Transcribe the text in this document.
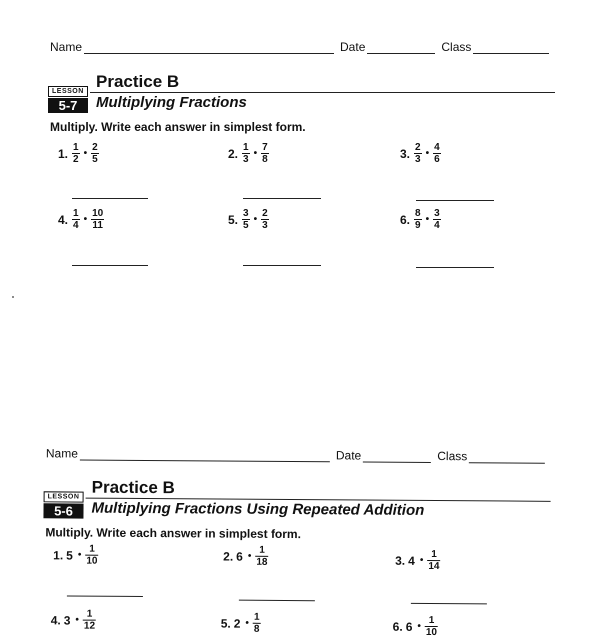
Name	Date	Class
LESSON
5-7
Practice B
Multiplying Fractions
Multiply. Write each answer in simplest form.
1. $\frac{1}{2}$ • $\frac{2}{5}$	2. $\frac{1}{3}$ • $\frac{7}{8}$	3. $\frac{2}{3}$ • $\frac{4}{6}$
4. $\frac{1}{4}$ • $\frac{10}{11}$	5. $\frac{3}{5}$ • $\frac{2}{3}$	6. $\frac{8}{9}$ • $\frac{3}{4}$
Name	Date	Class
LESSON
5-6
Practice B
Multiplying Fractions Using Repeated Addition
Multiply. Write each answer in simplest form.
1. 5 • $\frac{1}{10}$	2. 6 • $\frac{1}{18}$	3. 4 • $\frac{1}{14}$
4. 3 • $\frac{1}{12}$	5. 2 • $\frac{1}{8}$	6. 6 • $\frac{1}{10}$
